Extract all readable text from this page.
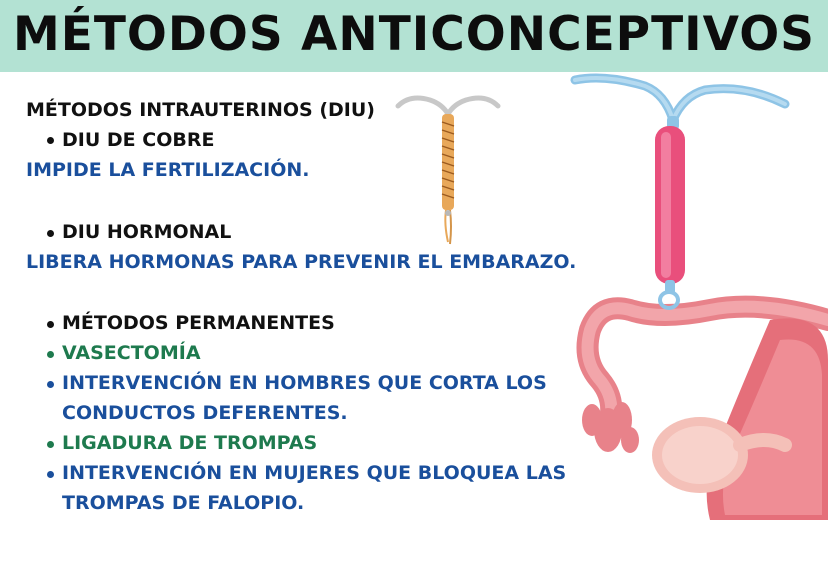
MÉTODOS ANTICONCEPTIVOS
MÉTODOS INTRAUTERINOS (DIU)
DIU DE COBRE
IMPIDE LA FERTILIZACIÓN.
DIU HORMONAL
LIBERA HORMONAS PARA PREVENIR EL EMBARAZO.
MÉTODOS PERMANENTES
VASECTOMÍA
INTERVENCIÓN EN HOMBRES QUE CORTA LOS
CONDUCTOS DEFERENTES.
LIGADURA DE TROMPAS
INTERVENCIÓN EN MUJERES QUE BLOQUEA LAS
TROMPAS DE FALOPIO.
